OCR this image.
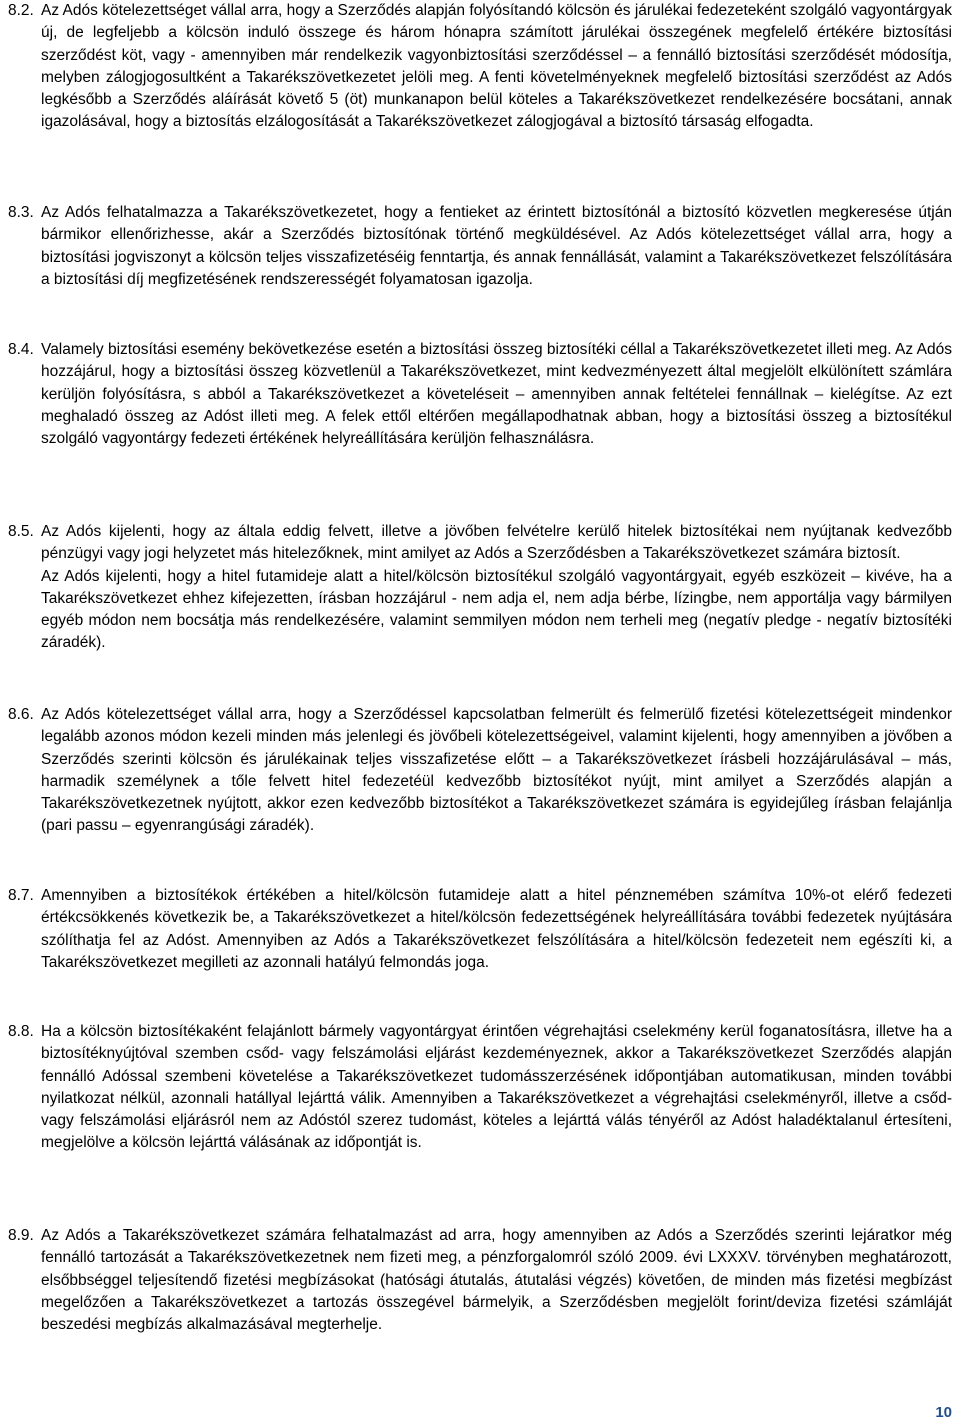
8.2. Az Adós kötelezettséget vállal arra, hogy a Szerződés alapján folyósítandó kölcsön és járulékai fedezeteként szolgáló vagyontárgyak új, de legfeljebb a kölcsön induló összege és három hónapra számított járulékai összegének megfelelő értékére biztosítási szerződést köt, vagy - amennyiben már rendelkezik vagyonbiztosítási szerződéssel – a fennálló biztosítási szerződését módosítja, melyben zálogjogosultként a Takarékszövetkezetet jelöli meg. A fenti követelményeknek megfelelő biztosítási szerződést az Adós legkésőbb a Szerződés aláírását követő 5 (öt) munkanapon belül köteles a Takarékszövetkezet rendelkezésére bocsátani, annak igazolásával, hogy a biztosítás elzálogosítását a Takarékszövetkezet zálogjogával a biztosító társaság elfogadta.

8.3. Az Adós felhatalmazza a Takarékszövetkezetet, hogy a fentieket az érintett biztosítónál a biztosító közvetlen megkeresése útján bármikor ellenőrizhesse, akár a Szerződés biztosítónak történő megküldésével. Az Adós kötelezettséget vállal arra, hogy a biztosítási jogviszonyt a kölcsön teljes visszafizetéséig fenntartja, és annak fennállását, valamint a Takarékszövetkezet felszólítására a biztosítási díj megfizetésének rendszerességét folyamatosan igazolja.

8.4. Valamely biztosítási esemény bekövetkezése esetén a biztosítási összeg biztosítéki céllal a Takarékszövetkezetet illeti meg. Az Adós hozzájárul, hogy a biztosítási összeg közvetlenül a Takarékszövetkezet, mint kedvezményezett által megjelölt elkülönített számlára kerüljön folyósításra, s abból a Takarékszövetkezet a követeléseit – amennyiben annak feltételei fennállnak – kielégítse. Az ezt meghaladó összeg az Adóst illeti meg. A felek ettől eltérően megállapodhatnak abban, hogy a biztosítási összeg a biztosítékul szolgáló vagyontárgy fedezeti értékének helyreállítására kerüljön felhasználásra.

8.5. Az Adós kijelenti, hogy az általa eddig felvett, illetve a jövőben felvételre kerülő hitelek biztosítékai nem nyújtanak kedvezőbb pénzügyi vagy jogi helyzetet más hitelezőknek, mint amilyet az Adós a Szerződésben a Takarékszövetkezet számára biztosít.

Az Adós kijelenti, hogy a hitel futamideje alatt a hitel/kölcsön biztosítékul szolgáló vagyontárgyait, egyéb eszközeit – kivéve, ha a Takarékszövetkezet ehhez kifejezetten, írásban hozzájárul - nem adja el, nem adja bérbe, lízingbe, nem apportálja vagy bármilyen egyéb módon nem bocsátja más rendelkezésére, valamint semmilyen módon nem terheli meg (negatív pledge - negatív biztosítéki záradék).

8.6. Az Adós kötelezettséget vállal arra, hogy a Szerződéssel kapcsolatban felmerült és felmerülő fizetési kötelezettségeit mindenkor legalább azonos módon kezeli minden más jelenlegi és jövőbeli kötelezettségeivel, valamint kijelenti, hogy amennyiben a jövőben a Szerződés szerinti kölcsön és járulékainak teljes visszafizetése előtt – a Takarékszövetkezet írásbeli hozzájárulásával – más, harmadik személynek a tőle felvett hitel fedezetéül kedvezőbb biztosítékot nyújt, mint amilyet a Szerződés alapján a Takarékszövetkezetnek nyújtott, akkor ezen kedvezőbb biztosítékot a Takarékszövetkezet számára is egyidejűleg írásban felajánlja (pari passu – egyenrangúsági záradék).

8.7. Amennyiben a biztosítékok értékében a hitel/kölcsön futamideje alatt a hitel pénznemében számítva 10%-ot elérő fedezeti értékcsökkenés következik be, a Takarékszövetkezet a hitel/kölcsön fedezettségének helyreállítására további fedezetek nyújtására szólíthatja fel az Adóst. Amennyiben az Adós a Takarékszövetkezet felszólítására a hitel/kölcsön fedezeteit nem egészíti ki, a Takarékszövetkezet megilleti az azonnali hatályú felmondás joga.

8.8. Ha a kölcsön biztosítékaként felajánlott bármely vagyontárgyat érintően végrehajtási cselekmény kerül foganatosításra, illetve ha a biztosítéknyújtóval szemben csőd- vagy felszámolási eljárást kezdeményeznek, akkor a Takarékszövetkezet Szerződés alapján fennálló Adóssal szembeni követelése a Takarékszövetkezet tudomásszerzésének időpontjában automatikusan, minden további nyilatkozat nélkül, azonnali hatállyal lejárttá válik. Amennyiben a Takarékszövetkezet a végrehajtási cselekményről, illetve a csőd- vagy felszámolási eljárásról nem az Adóstól szerez tudomást, köteles a lejárttá válás tényéről az Adóst haladéktalanul értesíteni, megjelölve a kölcsön lejárttá válásának az időpontját is.

8.9. Az Adós a Takarékszövetkezet számára felhatalmazást ad arra, hogy amennyiben az Adós a Szerződés szerinti lejáratkor még fennálló tartozását a Takarékszövetkezetnek nem fizeti meg, a pénzforgalomról szóló 2009. évi LXXXV. törvényben meghatározott, elsőbbséggel teljesítendő fizetési megbízásokat (hatósági átutalás, átutalási végzés) követően, de minden más fizetési megbízást megelőzően a Takarékszövetkezet a tartozás összegével bármelyik, a Szerződésben megjelölt forint/deviza fizetési számláját beszedési megbízás alkalmazásával megterhelje.

10
